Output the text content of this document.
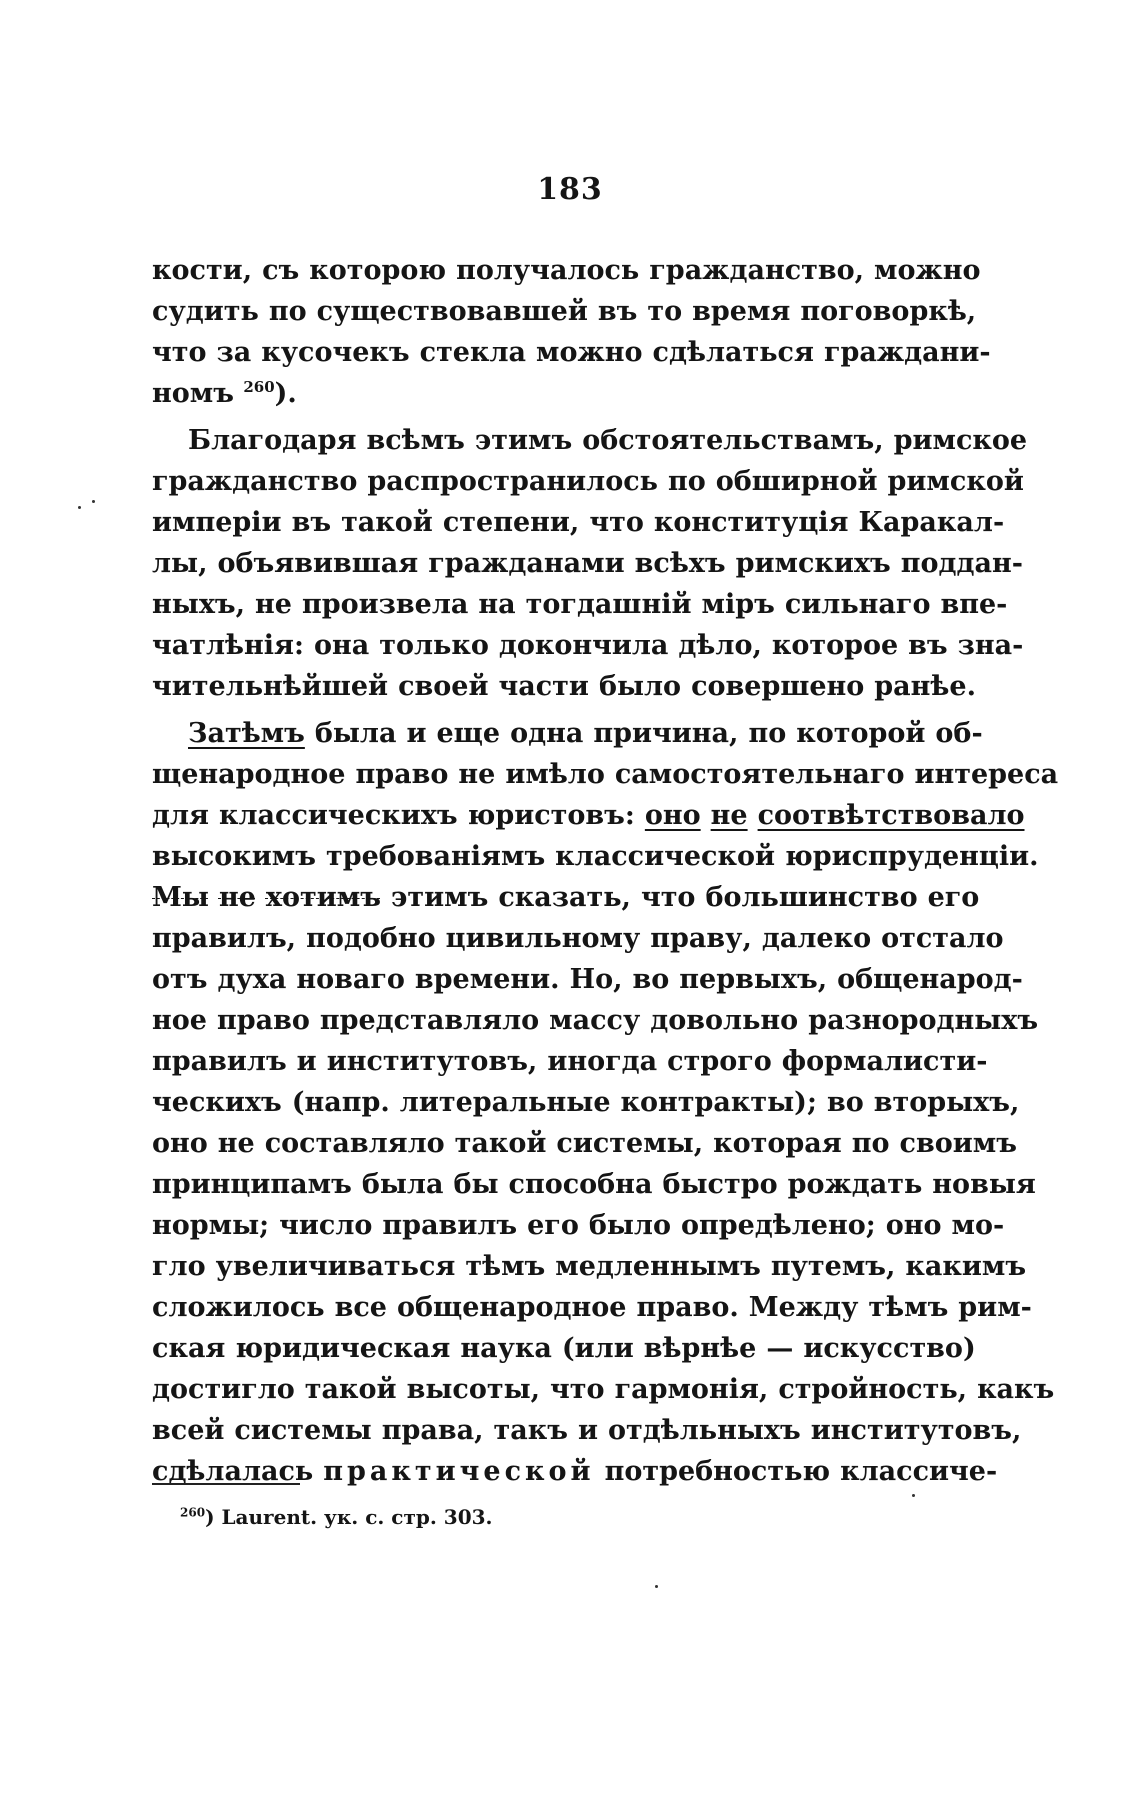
183
кости, съ которою получалось гражданство, можно
судить по существовавшей въ то время поговоркѣ,
что за кусочекъ стекла можно сдѣлаться граждани-
номъ $^{260}$).
Благодаря всѣмъ этимъ обстоятельствамъ, римское
гражданство распространилось по обширной римской
имперіи въ такой степени, что конституція Каракал-
лы, объявившая гражданами всѣхъ римскихъ поддан-
ныхъ, не произвела на тогдашній міръ сильнаго впе-
чатлѣнія: она только докончила дѣло, которое въ зна-
чительнѣйшей своей части было совершено ранѣе.
Затѣмъ была и еще одна причина, по которой об-
щенародное право не имѣло самостоятельнаго интереса
для классическихъ юристовъ: оно не соотвѣтствовало
высокимъ требованіямъ классической юриспруденціи.
Мы не хотимъ этимъ сказать, что большинство его
правилъ, подобно цивильному праву, далеко отстало
отъ духа новаго времени. Но, во первыхъ, общенарод-
ное право представляло массу довольно разнородныхъ
правилъ и институтовъ, иногда строго формалисти-
ческихъ (напр. литеральные контракты); во вторыхъ,
оно не составляло такой системы, которая по своимъ
принципамъ была бы способна быстро рождать новыя
нормы; число правилъ его было опредѣлено; оно мо-
гло увеличиваться тѣмъ медленнымъ путемъ, какимъ
сложилось все общенародное право. Между тѣмъ рим-
ская юридическая наука (или вѣрнѣе — искусство)
достигло такой высоты, что гармонія, стройность, какъ
всей системы права, такъ и отдѣльныхъ институтовъ,
сдѣлалась практической потребностью классиче-
$^{260}$) Laurent. ук. с. стр. 303.
